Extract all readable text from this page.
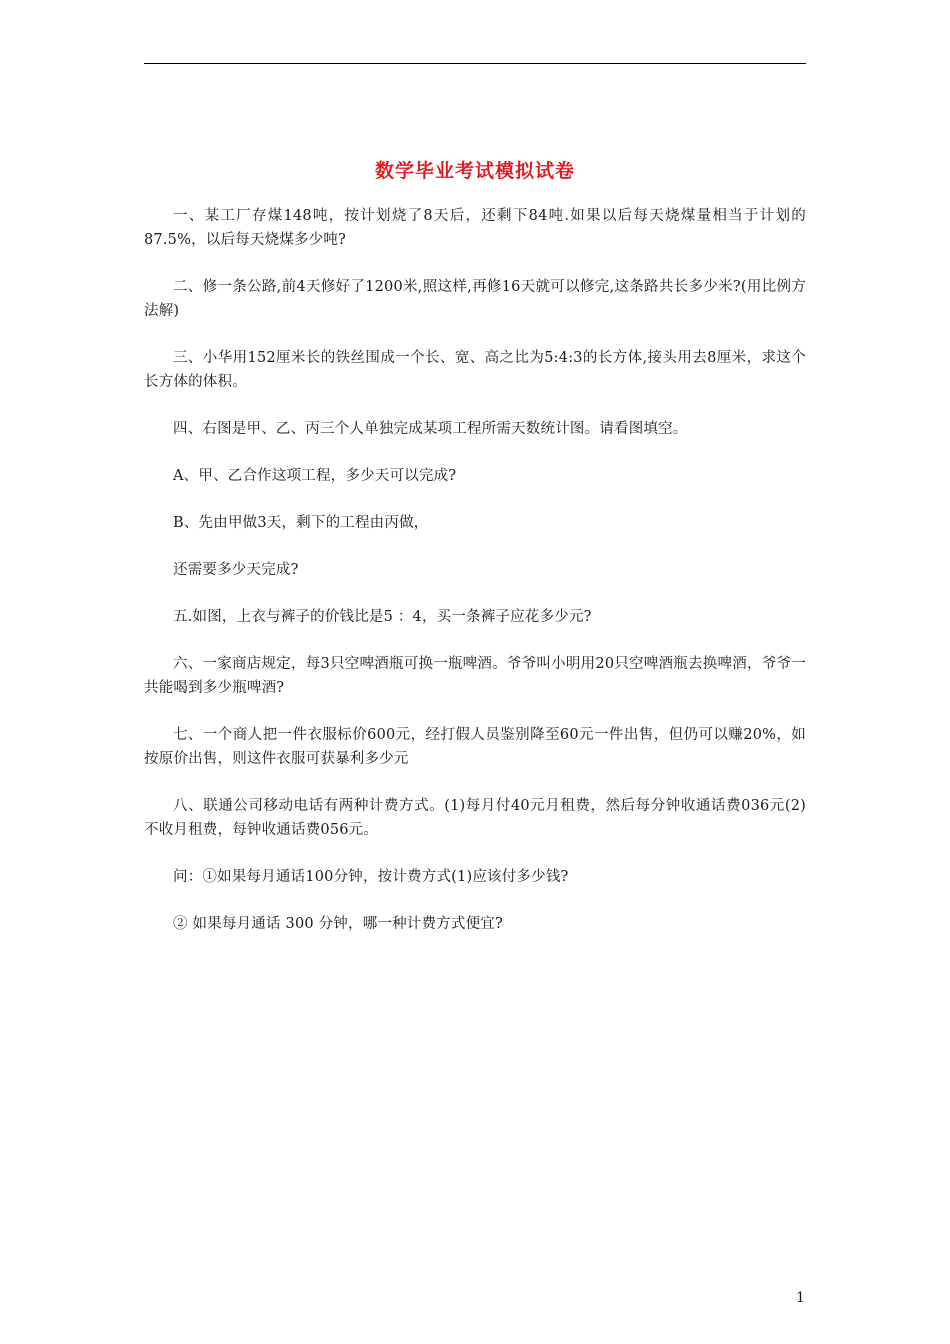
数学毕业考试模拟试卷

一、某工厂存煤148吨，按计划烧了8天后，还剩下84吨.如果以后每天烧煤量相当于计划的87.5%，以后每天烧煤多少吨?

二、修一条公路,前4天修好了1200米,照这样,再修16天就可以修完,这条路共长多少米?(用比例方法解)

三、小华用152厘米长的铁丝围成一个长、宽、高之比为5:4:3的长方体,接头用去8厘米，求这个长方体的体积。

四、右图是甲、乙、丙三个人单独完成某项工程所需天数统计图。请看图填空。

A、甲、乙合作这项工程，多少天可以完成?

B、先由甲做3天，剩下的工程由丙做，

还需要多少天完成?

五.如图，上衣与裤子的价钱比是5 ：4，买一条裤子应花多少元?

六、一家商店规定，每3只空啤酒瓶可换一瓶啤酒。爷爷叫小明用20只空啤酒瓶去换啤酒，爷爷一共能喝到多少瓶啤酒?

七、一个商人把一件衣服标价600元，经打假人员鉴别降至60元一件出售，但仍可以赚20%，如按原价出售，则这件衣服可获暴利多少元

八、联通公司移动电话有两种计费方式。(1)每月付40元月租费，然后每分钟收通话费036元(2)不收月租费，每钟收通话费056元。

问：①如果每月通话100分钟，按计费方式(1)应该付多少钱?

② 如果每月通话 300 分钟，哪一种计费方式便宜?

1
